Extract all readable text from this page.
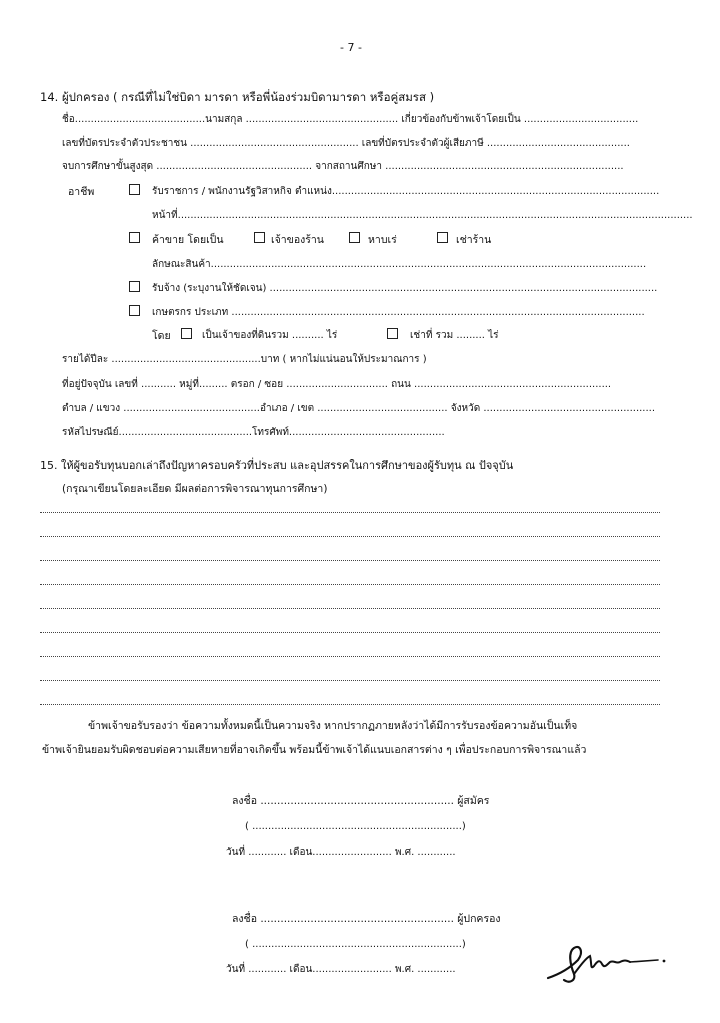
- 7 -
14. ผู้ปกครอง ( กรณีที่ไม่ใช่บิดา มารดา หรือพี่น้องร่วมบิดามารดา หรือคู่สมรส )
ชื่อ.........................................นามสกุล ................................................ เกี่ยวข้องกับข้าพเจ้าโดยเป็น ....................................
เลขที่บัตรประจำตัวประชาชน ..................................................... เลขที่บัตรประจำตัวผู้เสียภาษี .............................................
จบการศึกษาขั้นสูงสุด ................................................. จากสถานศึกษา ...........................................................................
อาชีพ	รับราชการ / พนักงานรัฐวิสาหกิจ ตำแหน่ง.......................................................................................................
หน้าที่..................................................................................................................................................................
ค้าขาย โดยเป็น	เจ้าของร้าน	หาบเร่	เช่าร้าน
ลักษณะสินค้า.........................................................................................................................................
รับจ้าง (ระบุงานให้ชัดเจน) ..........................................................................................................................
เกษตรกร ประเภท ..................................................................................................................................
โดย	เป็นเจ้าของที่ดินรวม .......... ไร่	เช่าที่ รวม ......... ไร่
รายได้ปีละ ...............................................บาท ( หากไม่แน่นอนให้ประมาณการ )
ที่อยู่ปัจจุบัน เลขที่ ........... หมู่ที่......... ตรอก / ซอย ................................ ถนน ..............................................................
ตำบล / แขวง ...........................................อำเภอ / เขต ......................................... จังหวัด ......................................................
รหัสไปรษณีย์..........................................โทรศัพท์.................................................
15. ให้ผู้ขอรับทุนบอกเล่าถึงปัญหาครอบครัวที่ประสบ และอุปสรรคในการศึกษาของผู้รับทุน ณ ปัจจุบัน
(กรุณาเขียนโดยละเอียด มีผลต่อการพิจารณาทุนการศึกษา)
ข้าพเจ้าขอรับรองว่า ข้อความทั้งหมดนี้เป็นความจริง หากปรากฏภายหลังว่าได้มีการรับรองข้อความอันเป็นเท็จ
ข้าพเจ้ายินยอมรับผิดชอบต่อความเสียหายที่อาจเกิดขึ้น พร้อมนี้ข้าพเจ้าได้แนบเอกสารต่าง ๆ เพื่อประกอบการพิจารณาแล้ว
ลงชื่อ .......................................................... ผู้สมัคร
( ..................................................................)
วันที่ ............ เดือน......................... พ.ศ. ............
ลงชื่อ .......................................................... ผู้ปกครอง
( ..................................................................)
วันที่ ............ เดือน......................... พ.ศ. ............
